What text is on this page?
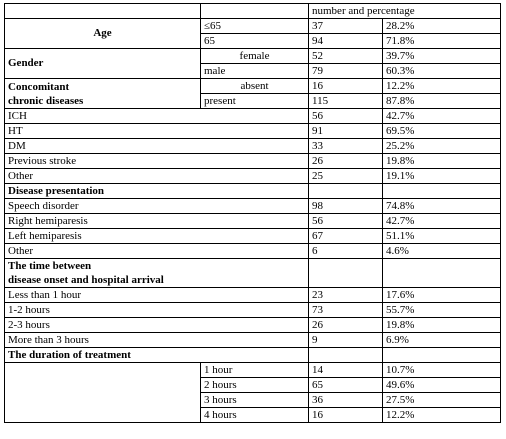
		number and percentage	
Age	≤65	37	28.2%
	65	94	71.8%
Gender	female	52	39.7%
	male	79	60.3%
Concomitant
chronic diseases	absent	16	12.2%
	present	115	87.8%
ICH		56	42.7%
HT		91	69.5%
DM		33	25.2%
Previous stroke		26	19.8%
Other		25	19.1%
Disease presentation			
Speech disorder		98	74.8%
Right hemiparesis		56	42.7%
Left hemiparesis		67	51.1%
Other		6	4.6%
The time between
disease onset and hospital arrival			
Less than 1 hour		23	17.6%
1-2 hours		73	55.7%
2-3 hours		26	19.8%
More than 3 hours		9	6.9%
The duration of treatment			
	1 hour	14	10.7%
	2 hours	65	49.6%
	3 hours	36	27.5%
	4 hours	16	12.2%
